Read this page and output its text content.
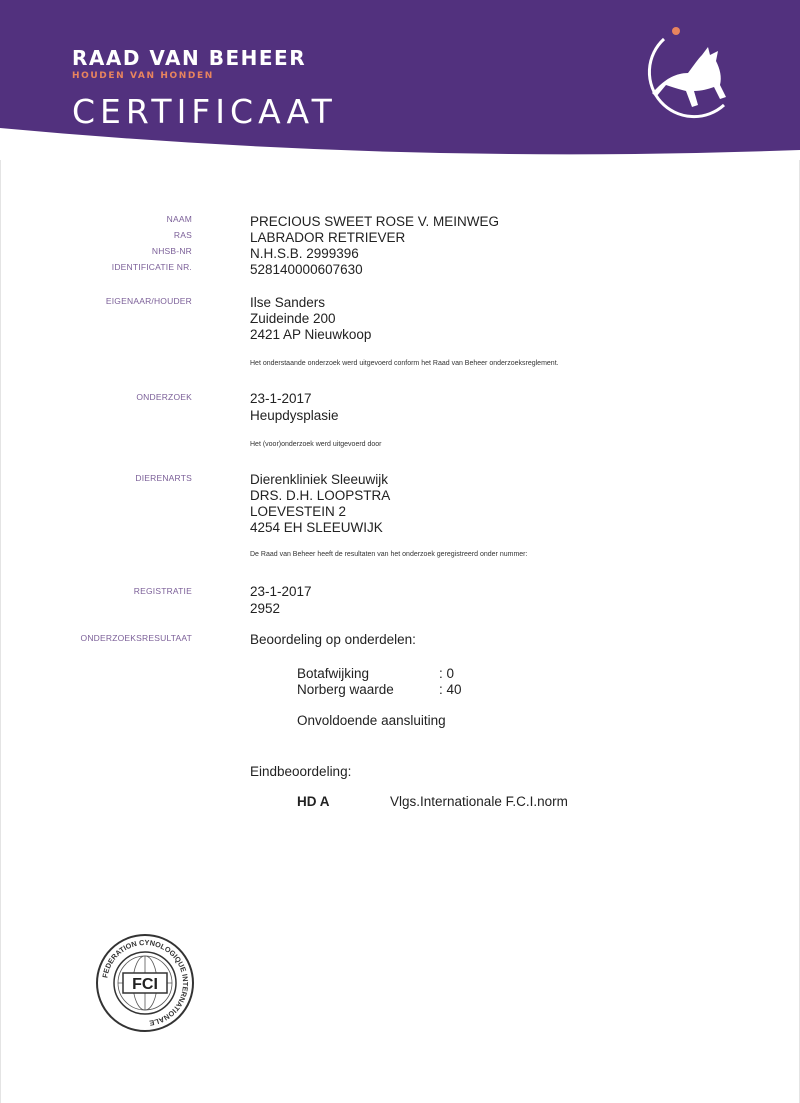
RAAD VAN BEHEER
HOUDEN VAN HONDEN
CERTIFICAAT
NAAM	PRECIOUS SWEET ROSE V. MEINWEG
RAS	LABRADOR RETRIEVER
NHSB-NR	N.H.S.B. 2999396
IDENTIFICATIE NR.	528140000607630
EIGENAAR/HOUDER	Ilse Sanders
Zuideinde 200
2421 AP Nieuwkoop
Het onderstaande onderzoek werd uitgevoerd conform het Raad van Beheer onderzoeksreglement.
ONDERZOEK	23-1-2017
Heupdysplasie
Het (voor)onderzoek werd uitgevoerd door
DIERENARTS	Dierenkliniek Sleeuwijk
DRS. D.H. LOOPSTRA
LOEVESTEIN 2
4254 EH SLEEUWIJK
De Raad van Beheer heeft de resultaten van het onderzoek geregistreerd onder nummer:
REGISTRATIE	23-1-2017
2952
ONDERZOEKSRESULTAAT	Beoordeling op onderdelen:
Botafwijking	: 0
Norberg waarde	: 40
Onvoldoende aansluiting
Eindbeoordeling:
HD A	Vlgs.Internationale F.C.I.norm
FEDERATION CYNOLOGIQUE INTERNATIONALE
FCI
